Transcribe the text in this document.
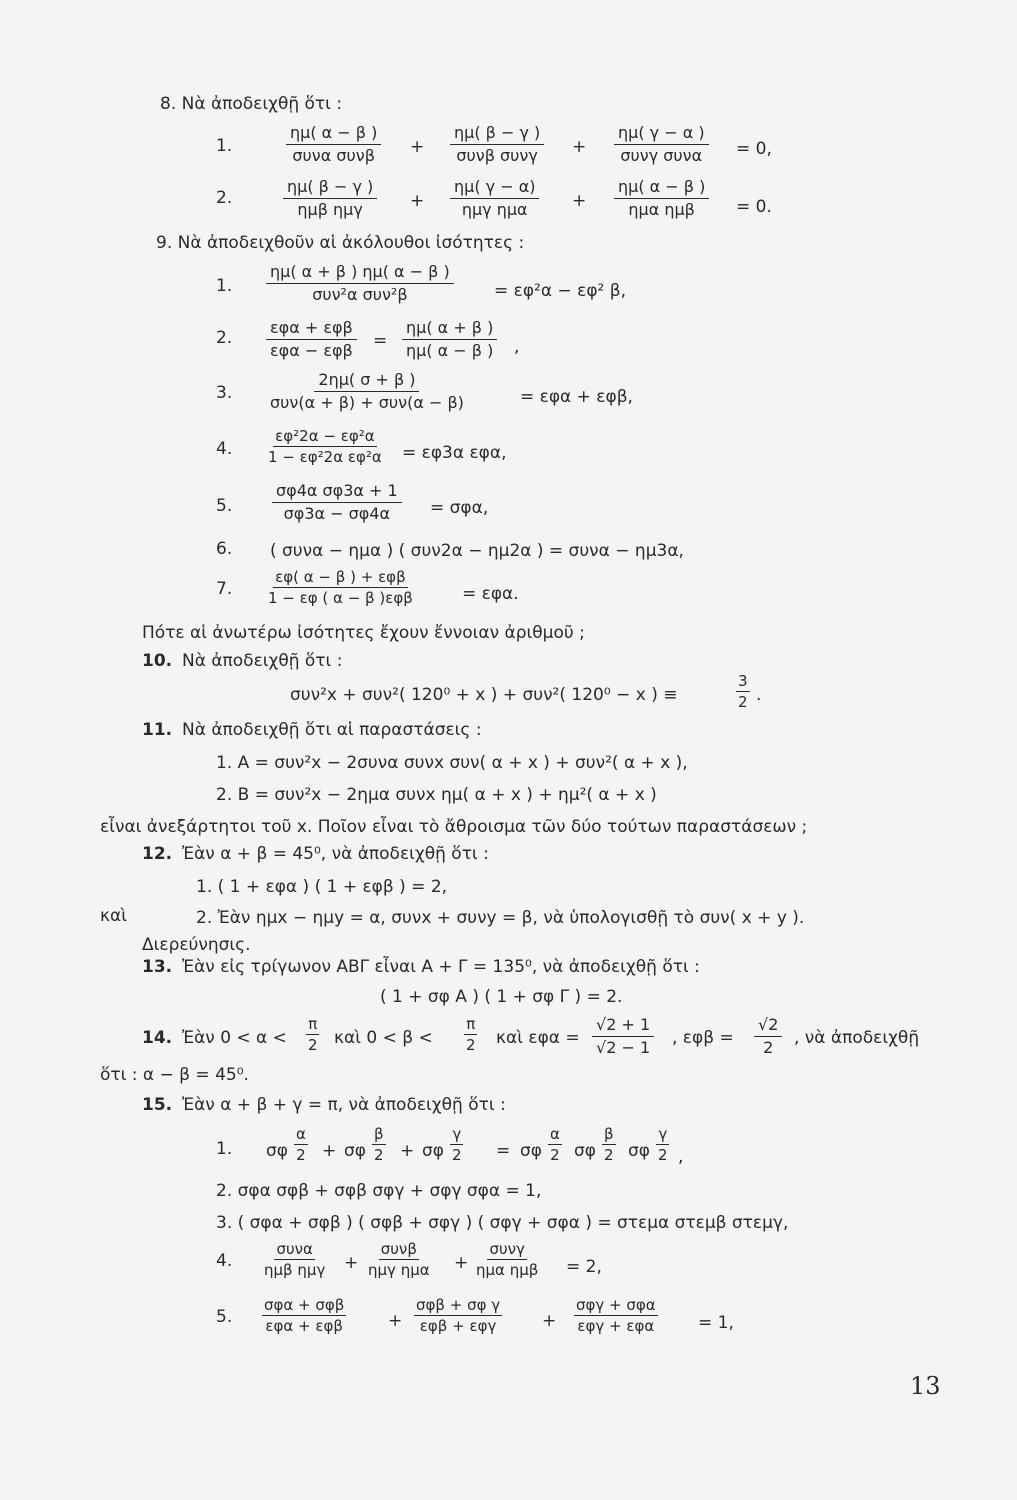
8. Νὰ ἀποδειχθῇ ὅτι :
1.
ημ( α − β )
συνα συνβ +
ημ( β − γ )
συνβ συνγ +
ημ( γ − α )
συνγ συνα = 0,
2.
ημ( β − γ )
ημβ ημγ	+
ημ( γ − α)
ημγ ημα	+
ημ( α − β )
ημα ημβ = 0.
9. Νὰ ἀποδειχθοῦν αἱ ἀκόλουθοι ἰσότητες :
1.
ημ( α + β ) ημ( α − β )
συν²α συν²β	= εφ²α − εφ² β,
2.
εφα + εφβ
$\varepsilon\varphi\alpha - \varepsilon\varphi\beta = \frac{\eta\mu( \alpha + \beta )}{\eta\mu( \alpha - \beta )}$ ,
3.
2ημ( σ + β )
συν(α + β) + συν(α − β)	= εφα + εφβ,
4. $\frac{\text{εφ²2α − εφ²α}}{\text{1 − εφ²2α εφ²α}} = \varepsilon\varphi 3\alpha$ εφα,
5. $\frac{\text{σφ4α σφ3α + 1}}{\sigma\varphi 3\alpha - \sigma\varphi 4\alpha} = \sigma\varphi\alpha$,
6. ( συνα − ημα ) ( συν2α − ημ2α ) = συνα − ημ3α,
7.
εφ( α − β ) + εφβ
1 − εφ ( α − β )εφβ	= εφα.
Πότε αἱ ἀνωτέρω ἰσότητες ἔχουν ἔννοιαν ἀριθμοῦ ;
10. Νὰ ἀποδειχθῇ ὅτι :
συν²x + συν²( 120⁰ + x ) + συν²( 120⁰ − x ) ≡	$\frac{3}{2}$ .
11. Νὰ ἀποδειχθῇ ὅτι αἱ παραστάσεις :
1. A = συν²x − 2συνα συνx συν( α + x ) + συν²( α + x ),
2. B = συν²x − 2ημα συνx ημ( α + x ) + ημ²( α + x )
εἶναι ἀνεξάρτητοι τοῦ x. Ποῖον εἶναι τὸ ἄθροισμα τῶν δύο τούτων παραστάσεων ;
12. Ἐὰν α + β = 45⁰, νὰ ἀποδειχθῇ ὅτι :
1. ( 1 + εφα ) ( 1 + εφβ ) = 2,
καὶ	2. Ἐὰν ημx − ημy = α, συνx + συνy = β, νὰ ὑπολογισθῇ τὸ συν( x + y ).
Διερεύνησις.
13. Ἐὰν εἰς τρίγωνον ΑΒΓ εἶναι Α + Γ = 135⁰, νὰ ἀποδειχθῇ ὅτι :
( 1 + σφ Α ) ( 1 + σφ Γ ) = 2.
14. Ἐὰν $0 < \alpha < \frac{\pi}{2}$ καὶ $0 < \beta < \frac{\pi}{2}$ καὶ $\varepsilon\varphi\alpha = \frac{√2 + 1}{√2 - 1}$ , $\varepsilon\varphi\beta = \frac{√2}{2}$ , νὰ ἀποδειχθῇ
ὅτι : α − β = 45⁰.
15. Ἐὰν α + β + γ = π, νὰ ἀποδειχθῇ ὅτι :
1. σφ $\frac{\alpha}{2} + \sigma\varphi \frac{\beta}{2} + \sigma\varphi \frac{\gamma}{2} = \sigma\varphi \frac{\alpha}{2}$ σφ $\frac{\beta}{2}$ σφ $\frac{\gamma}{2}$ ,
2. σφα σφβ + σφβ σφγ + σφγ σφα = 1,
3. ( σφα + σφβ ) ( σφβ + σφγ ) ( σφγ + σφα ) = στεμα στεμβ στεμγ,
4.
συνα
ημβ ημγ +
συνβ
ημγ ημα +
συνγ
ημα ημβ = 2,
5.
σφα + σφβ
εφα + εφβ	+
σφβ + σφ γ
εφβ + εφγ	+
σφγ + σφα
εφγ + εφα	= 1,
13
